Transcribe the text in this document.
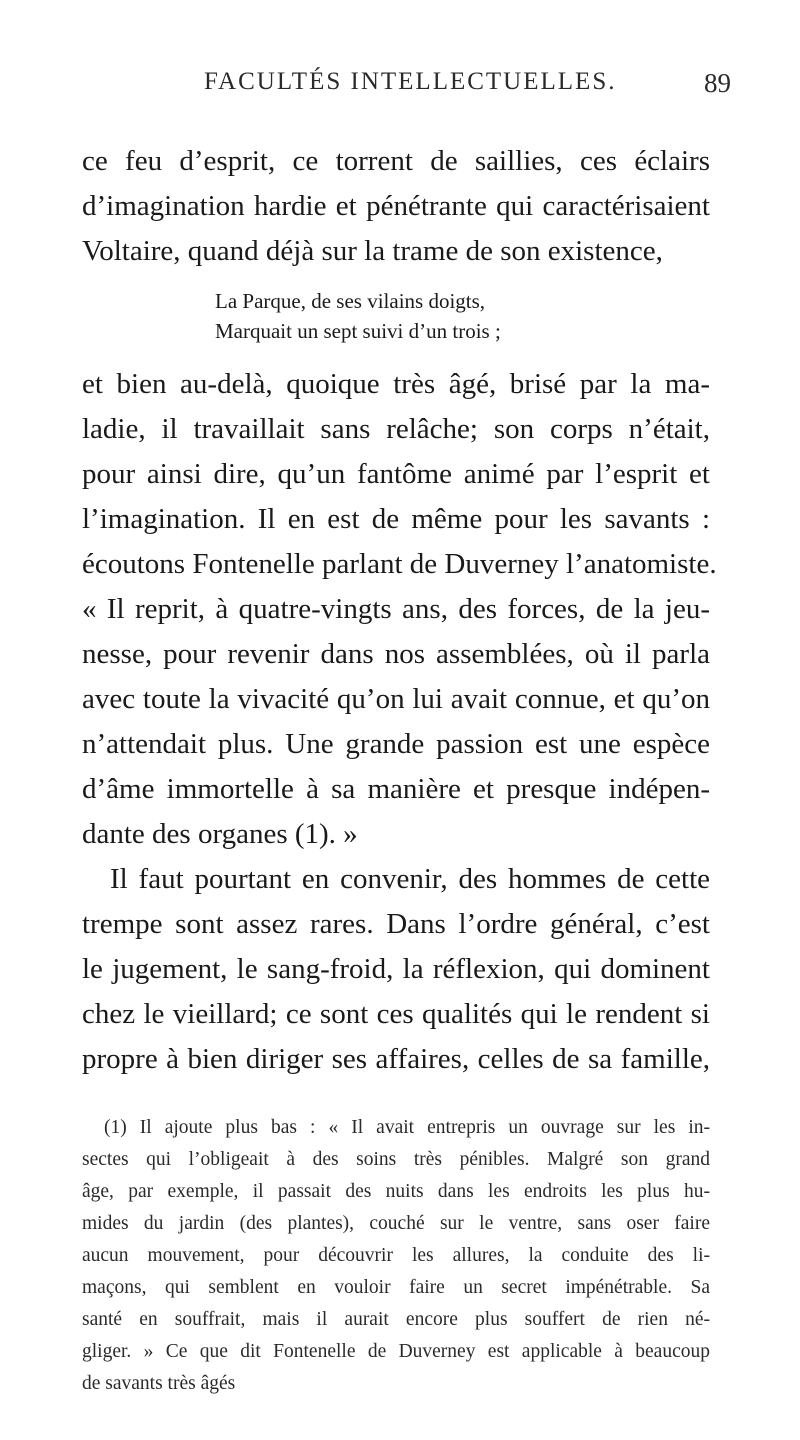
FACULTÉS INTELLECTUELLES.	89
ce feu d’esprit, ce torrent de saillies, ces éclairs
d’imagination hardie et pénétrante qui caractérisaient
Voltaire, quand déjà sur la trame de son existence,
La Parque, de ses vilains doigts,
Marquait un sept suivi d’un trois ;
et bien au-delà, quoique très âgé, brisé par la ma-
ladie, il travaillait sans relâche; son corps n’était,
pour ainsi dire, qu’un fantôme animé par l’esprit et
l’imagination. Il en est de même pour les savants :
écoutons Fontenelle parlant de Duverney l’anatomiste.
« Il reprit, à quatre-vingts ans, des forces, de la jeu-
nesse, pour revenir dans nos assemblées, où il parla
avec toute la vivacité qu’on lui avait connue, et qu’on
n’attendait plus. Une grande passion est une espèce
d’âme immortelle à sa manière et presque indépen-
dante des organes (1). »
Il faut pourtant en convenir, des hommes de cette
trempe sont assez rares. Dans l’ordre général, c’est
le jugement, le sang-froid, la réflexion, qui dominent
chez le vieillard; ce sont ces qualités qui le rendent si
propre à bien diriger ses affaires, celles de sa famille,
(1) Il ajoute plus bas : « Il avait entrepris un ouvrage sur les in-
sectes qui l’obligeait à des soins très pénibles. Malgré son grand
âge, par exemple, il passait des nuits dans les endroits les plus hu-
mides du jardin (des plantes), couché sur le ventre, sans oser faire
aucun mouvement, pour découvrir les allures, la conduite des li-
maçons, qui semblent en vouloir faire un secret impénétrable. Sa
santé en souffrait, mais il aurait encore plus souffert de rien né-
gliger. » Ce que dit Fontenelle de Duverney est applicable à beaucoup
de savants très âgés
